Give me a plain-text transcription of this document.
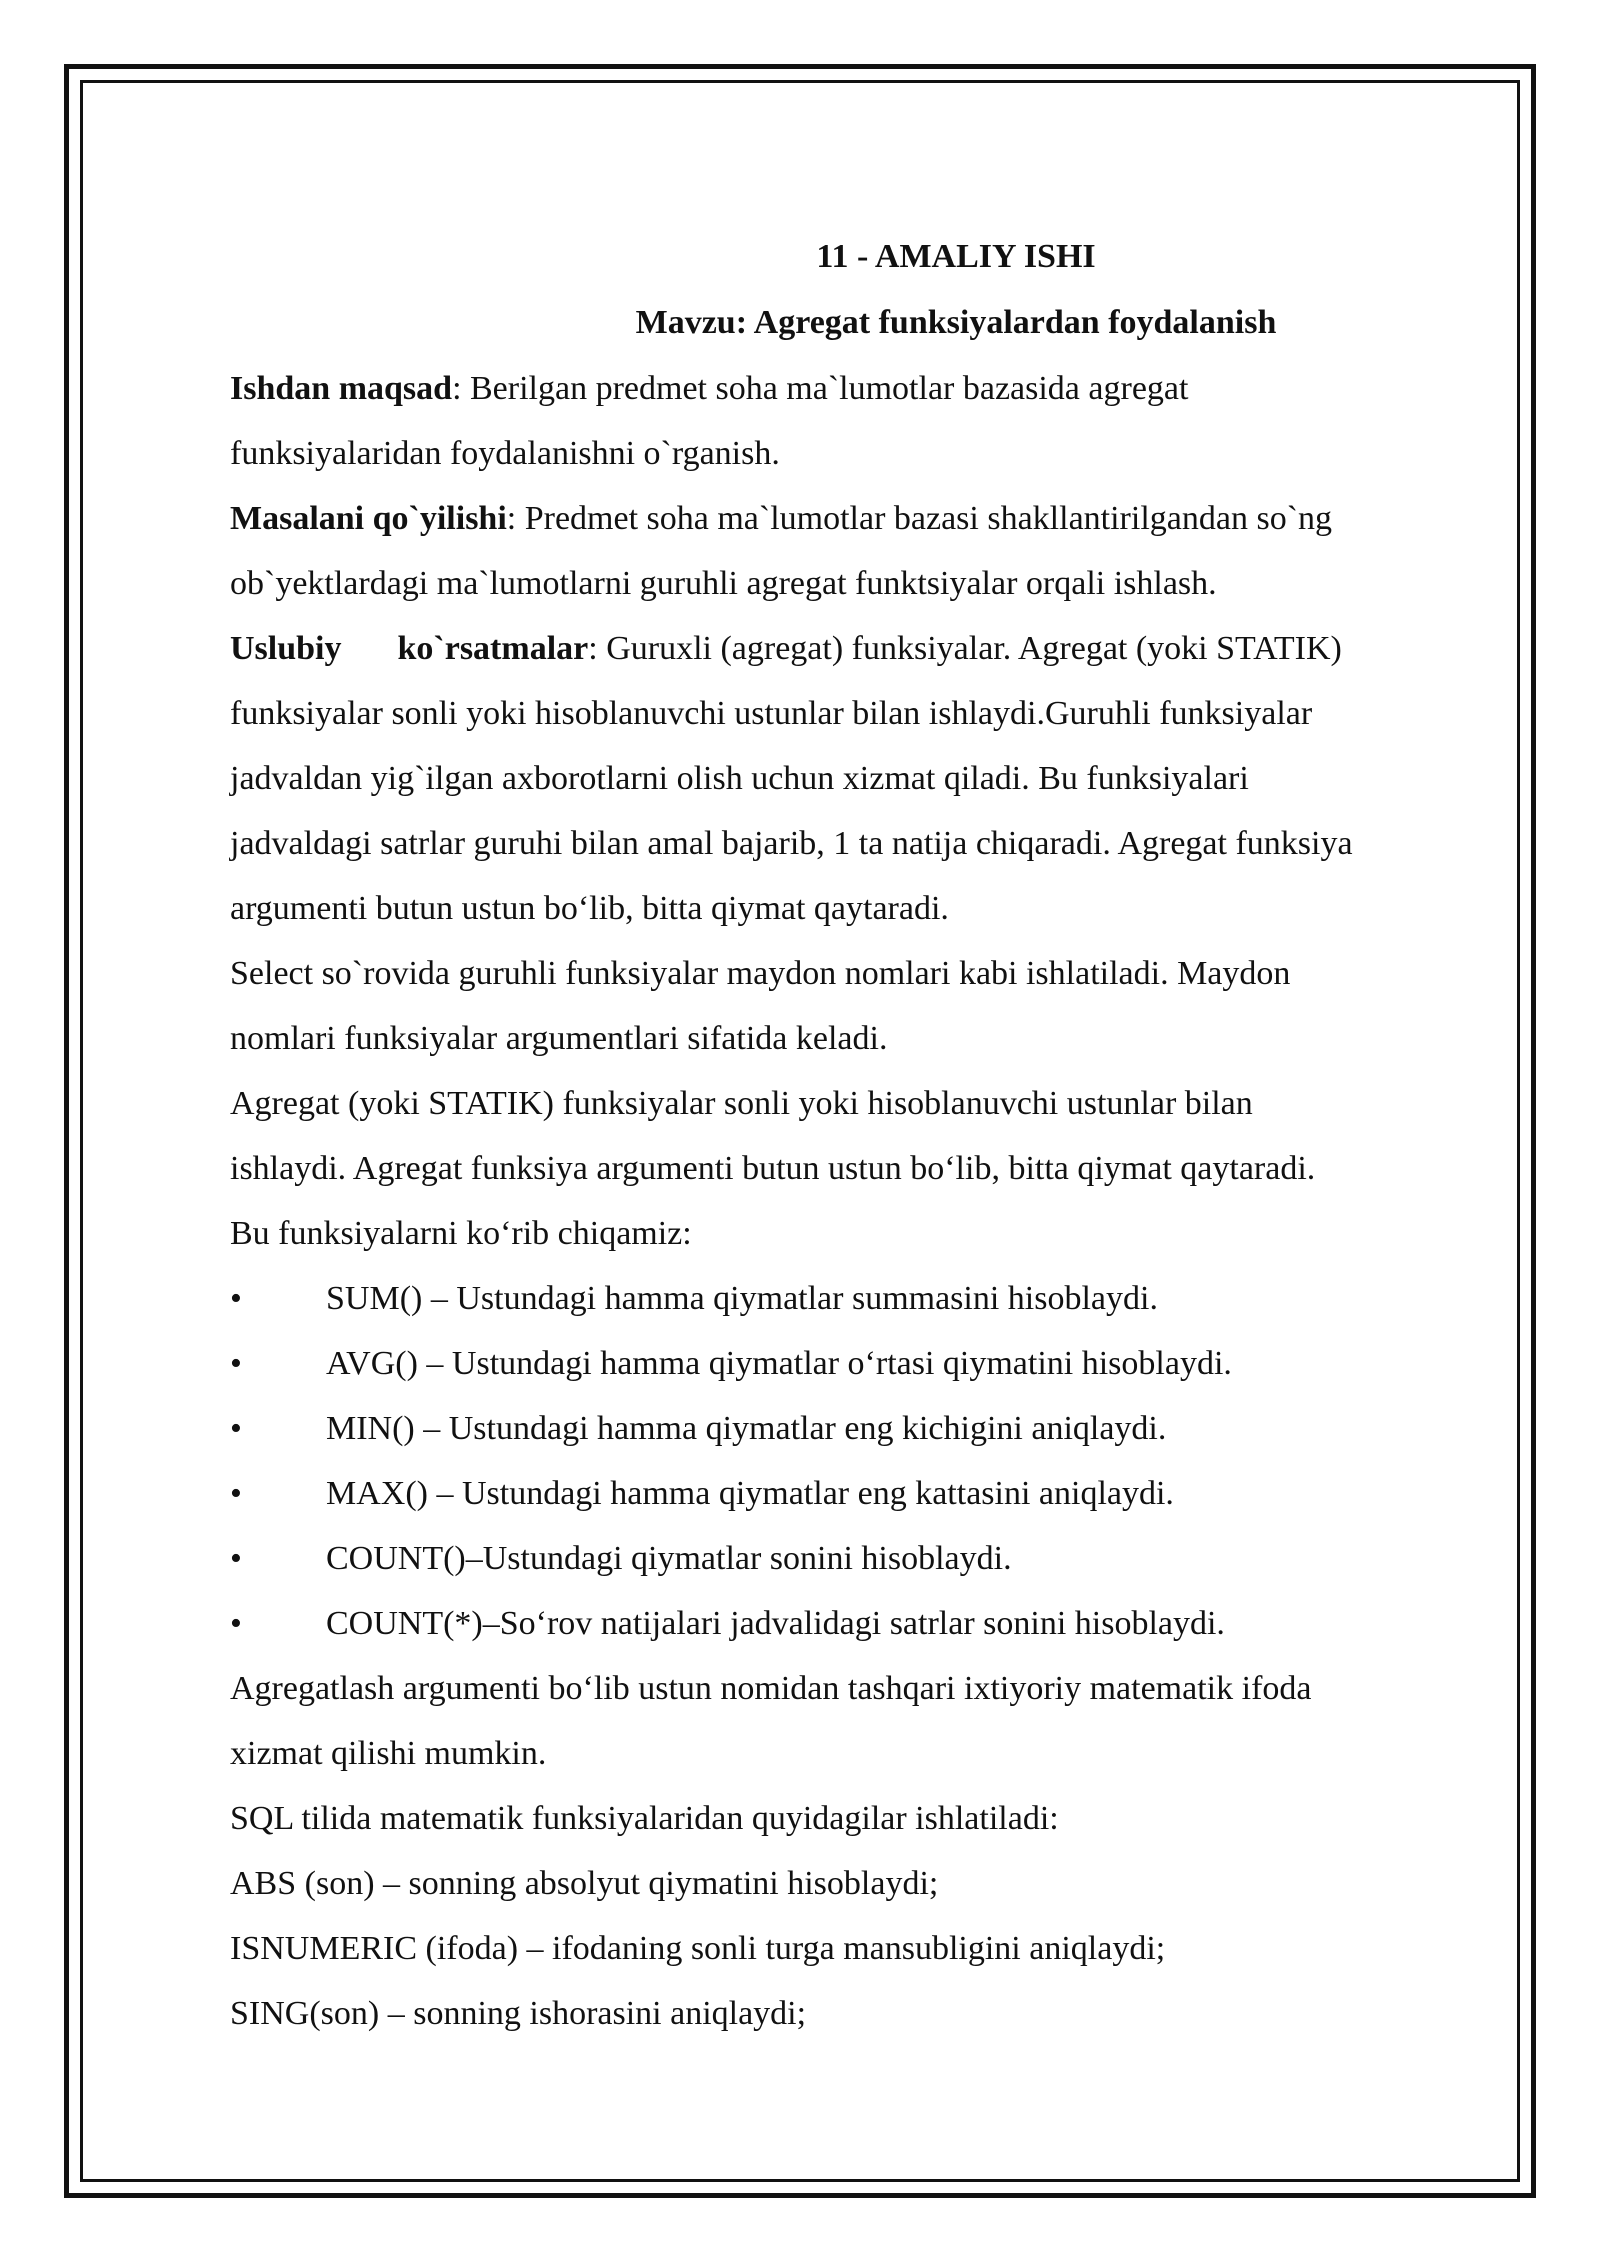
11 - AMALIY ISHI

Mavzu: Agregat funksiyalardan foydalanish

Ishdan maqsad: Berilgan predmet soha ma`lumotlar bazasida agregat
funksiyalaridan foydalanishni o`rganish.

Masalani qo`yilishi: Predmet soha ma`lumotlar bazasi shakllantirilgandan so`ng
ob`yektlardagi ma`lumotlarni guruhli agregat funktsiyalar orqali ishlash.

Uslubiy ko`rsatmalar: Guruxli (agregat) funksiyalar. Agregat (yoki STATIK)
funksiyalar sonli yoki hisoblanuvchi ustunlar bilan ishlaydi.Guruhli funksiyalar
jadvaldan yig`ilgan axborotlarni olish uchun xizmat qiladi. Bu funksiyalari
jadvaldagi satrlar guruhi bilan amal bajarib, 1 ta natija chiqaradi. Agregat funksiya
argumenti butun ustun bo‘lib, bitta qiymat qaytaradi.

Select so`rovida guruhli funksiyalar maydon nomlari kabi ishlatiladi. Maydon
nomlari funksiyalar argumentlari sifatida keladi.

Agregat (yoki STATIK) funksiyalar sonli yoki hisoblanuvchi ustunlar bilan
ishlaydi. Agregat funksiya argumenti butun ustun bo‘lib, bitta qiymat qaytaradi.
Bu funksiyalarni ko‘rib chiqamiz:

• SUM() – Ustundagi hamma qiymatlar summasini hisoblaydi.
• AVG() – Ustundagi hamma qiymatlar o‘rtasi qiymatini hisoblaydi.
• MIN() – Ustundagi hamma qiymatlar eng kichigini aniqlaydi.
• MAX() – Ustundagi hamma qiymatlar eng kattasini aniqlaydi.
• COUNT()–Ustundagi qiymatlar sonini hisoblaydi.
• COUNT(*)–So‘rov natijalari jadvalidagi satrlar sonini hisoblaydi.

Agregatlash argumenti bo‘lib ustun nomidan tashqari ixtiyoriy matematik ifoda
xizmat qilishi mumkin.

SQL tilida matematik funksiyalaridan quyidagilar ishlatiladi:
ABS (son) – sonning absolyut qiymatini hisoblaydi;
ISNUMERIC (ifoda) – ifodaning sonli turga mansubligini aniqlaydi;
SING(son) – sonning ishorasini aniqlaydi;
